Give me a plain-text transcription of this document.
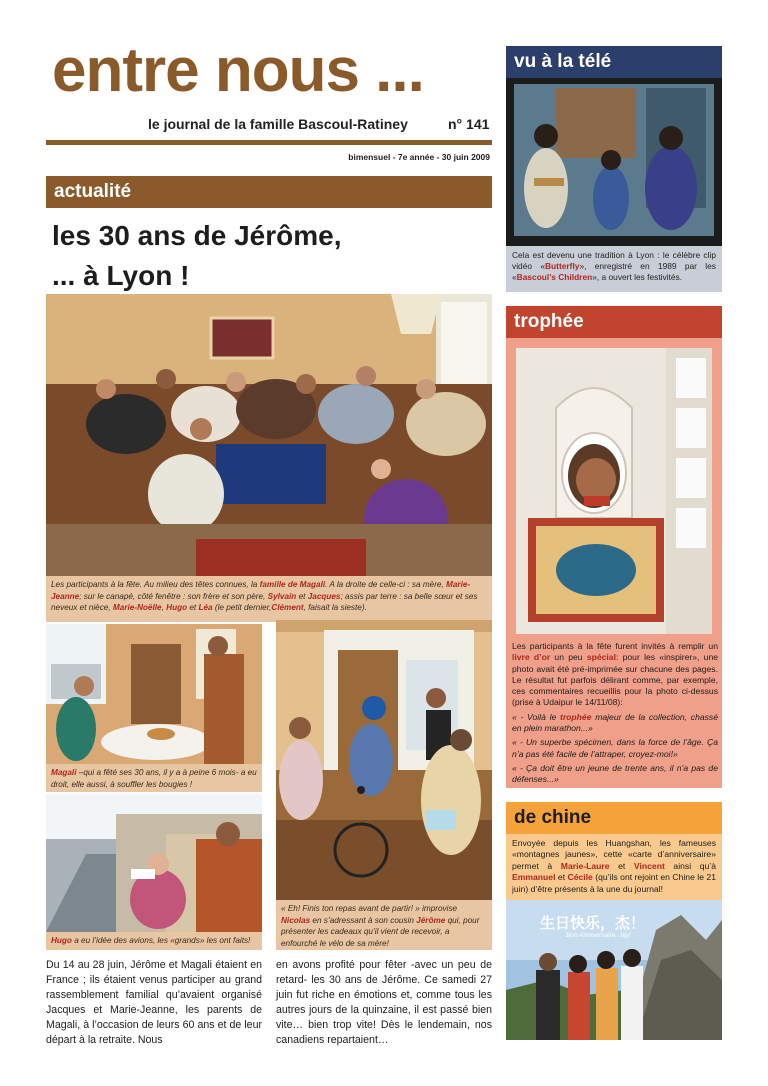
entre nous ...
le journal de la famille Bascoul-Ratiney	n° 141
bimensuel - 7e année - 30 juin 2009
actualité
les 30 ans de Jérôme,
... à Lyon !
Les participants à la fête. Au milieu des têtes connues, la famille de Magali. A la droite de celle-ci : sa mère, Marie-Jeanne; sur le canapé, côté fenêtre : son frère et son père, Sylvain et Jacques; assis par terre : sa belle sœur et ses neveux et nièce, Marie-Noëlle, Hugo et Léa (le petit dernier,Clément, faisait la sieste).
Magali –qui a fêté ses 30 ans, il y a à peine 6 mois- a eu droit, elle aussi, à souffler les bougies !
Hugo a eu l’idée des avions, les «grands» les ont faits!
« Eh! Finis ton repas avant de partir! » improvise Nicolas en s’adressant à son cousin Jérôme qui, pour présenter les cadeaux qu’il vient de recevoir, a enfourché le vélo de sa mère!
Du 14 au 28 juin, Jérôme et Magali étaient en France ; ils étaient venus participer au grand rassemblement familial qu’avaient organisé Jacques et Marie-Jeanne, les parents de Magali, à l’occasion de leurs 60 ans et de leur départ à la retraite. Nous
en avons profité pour fêter -avec un peu de retard- les 30 ans de Jérôme. Ce samedi 27 juin fut riche en émotions et, comme tous les autres jours de la quinzaine, il est passé bien vite… bien trop vite! Dès le lendemain, nos canadiens repartaient…
vu à la télé
Cela est devenu une tradition à Lyon : le célèbre clip vidéo «Butterfly», enregistré en 1989 par les «Bascoul’s Children», a ouvert les festivités.
trophée

Les participants à la fête furent invités à remplir un livre d’or un peu spécial: pour les «inspirer», une photo avait été pré-imprimée sur chacune des pages. Le résultat fut parfois délirant comme, par exemple, ces commentaires recueillis pour la photo ci-dessus (prise à Udaipur le 14/11/08):

« - Voilà le trophée majeur de la collection, chassé en plein marathon...»

« - Un superbe spécimen, dans la force de l’âge. Ça n’a pas été facile de l’attraper, croyez-moi!»

« - Ça doit être un jeune de trente ans, il n’a pas de défenses...»

de chine
Envoyée depuis les Huangshan, les fameuses «montagnes jaunes», cette «carte d’anniversaire» permet à Marie-Laure et Vincent ainsi qu’à Emmanuel et Cécile (qu’ils ont rejoint en Chine le 21 juin) d’être présents à la une du journal!
生日快乐，杰！
Bon Anniversaire, Jay!
